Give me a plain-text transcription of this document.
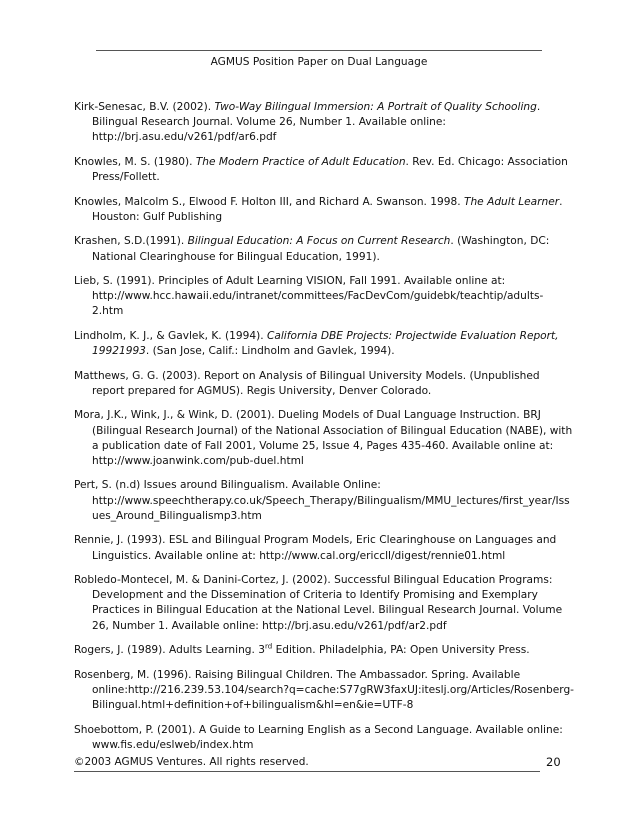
AGMUS Position Paper on Dual Language
Kirk-Senesac, B.V. (2002). Two-Way Bilingual Immersion: A Portrait of Quality Schooling. Bilingual Research Journal. Volume 26, Number 1. Available online: http://brj.asu.edu/v261/pdf/ar6.pdf
Knowles, M. S. (1980). The Modern Practice of Adult Education. Rev. Ed. Chicago: Association Press/Follett.
Knowles, Malcolm S., Elwood F. Holton III, and Richard A. Swanson. 1998. The Adult Learner. Houston: Gulf Publishing
Krashen, S.D.(1991). Bilingual Education: A Focus on Current Research. (Washington, DC: National Clearinghouse for Bilingual Education, 1991).
Lieb, S. (1991). Principles of Adult Learning VISION, Fall 1991. Available online at: http://www.hcc.hawaii.edu/intranet/committees/FacDevCom/guidebk/teachtip/adults-2.htm
Lindholm, K. J., & Gavlek, K. (1994). California DBE Projects: Projectwide Evaluation Report, 19921993. (San Jose, Calif.: Lindholm and Gavlek, 1994).
Matthews, G. G. (2003). Report on Analysis of Bilingual University Models. (Unpublished report prepared for AGMUS). Regis University, Denver Colorado.
Mora, J.K., Wink, J., & Wink, D. (2001). Dueling Models of Dual Language Instruction. BRJ (Bilingual Research Journal) of the National Association of Bilingual Education (NABE), with a publication date of Fall 2001, Volume 25, Issue 4, Pages 435-460. Available online at: http://www.joanwink.com/pub-duel.html
Pert, S. (n.d) Issues around Bilingualism. Available Online: http://www.speechtherapy.co.uk/Speech_Therapy/Bilingualism/MMU_lectures/first_year/Issues_Around_Bilingualismp3.htm
Rennie, J. (1993). ESL and Bilingual Program Models, Eric Clearinghouse on Languages and Linguistics. Available online at: http://www.cal.org/ericcll/digest/rennie01.html
Robledo-Montecel, M. & Danini-Cortez, J. (2002). Successful Bilingual Education Programs: Development and the Dissemination of Criteria to Identify Promising and Exemplary Practices in Bilingual Education at the National Level. Bilingual Research Journal. Volume 26, Number 1. Available online: http://brj.asu.edu/v261/pdf/ar2.pdf
Rogers, J. (1989). Adults Learning. 3rd Edition. Philadelphia, PA: Open University Press.
Rosenberg, M. (1996). Raising Bilingual Children. The Ambassador. Spring. Available online:http://216.239.53.104/search?q=cache:S77gRW3faxUJ:iteslj.org/Articles/Rosenberg-Bilingual.html+definition+of+bilingualism&hl=en&ie=UTF-8
Shoebottom, P. (2001). A Guide to Learning English as a Second Language. Available online: www.fis.edu/eslweb/index.htm
©2003 AGMUS Ventures. All rights reserved.	20
